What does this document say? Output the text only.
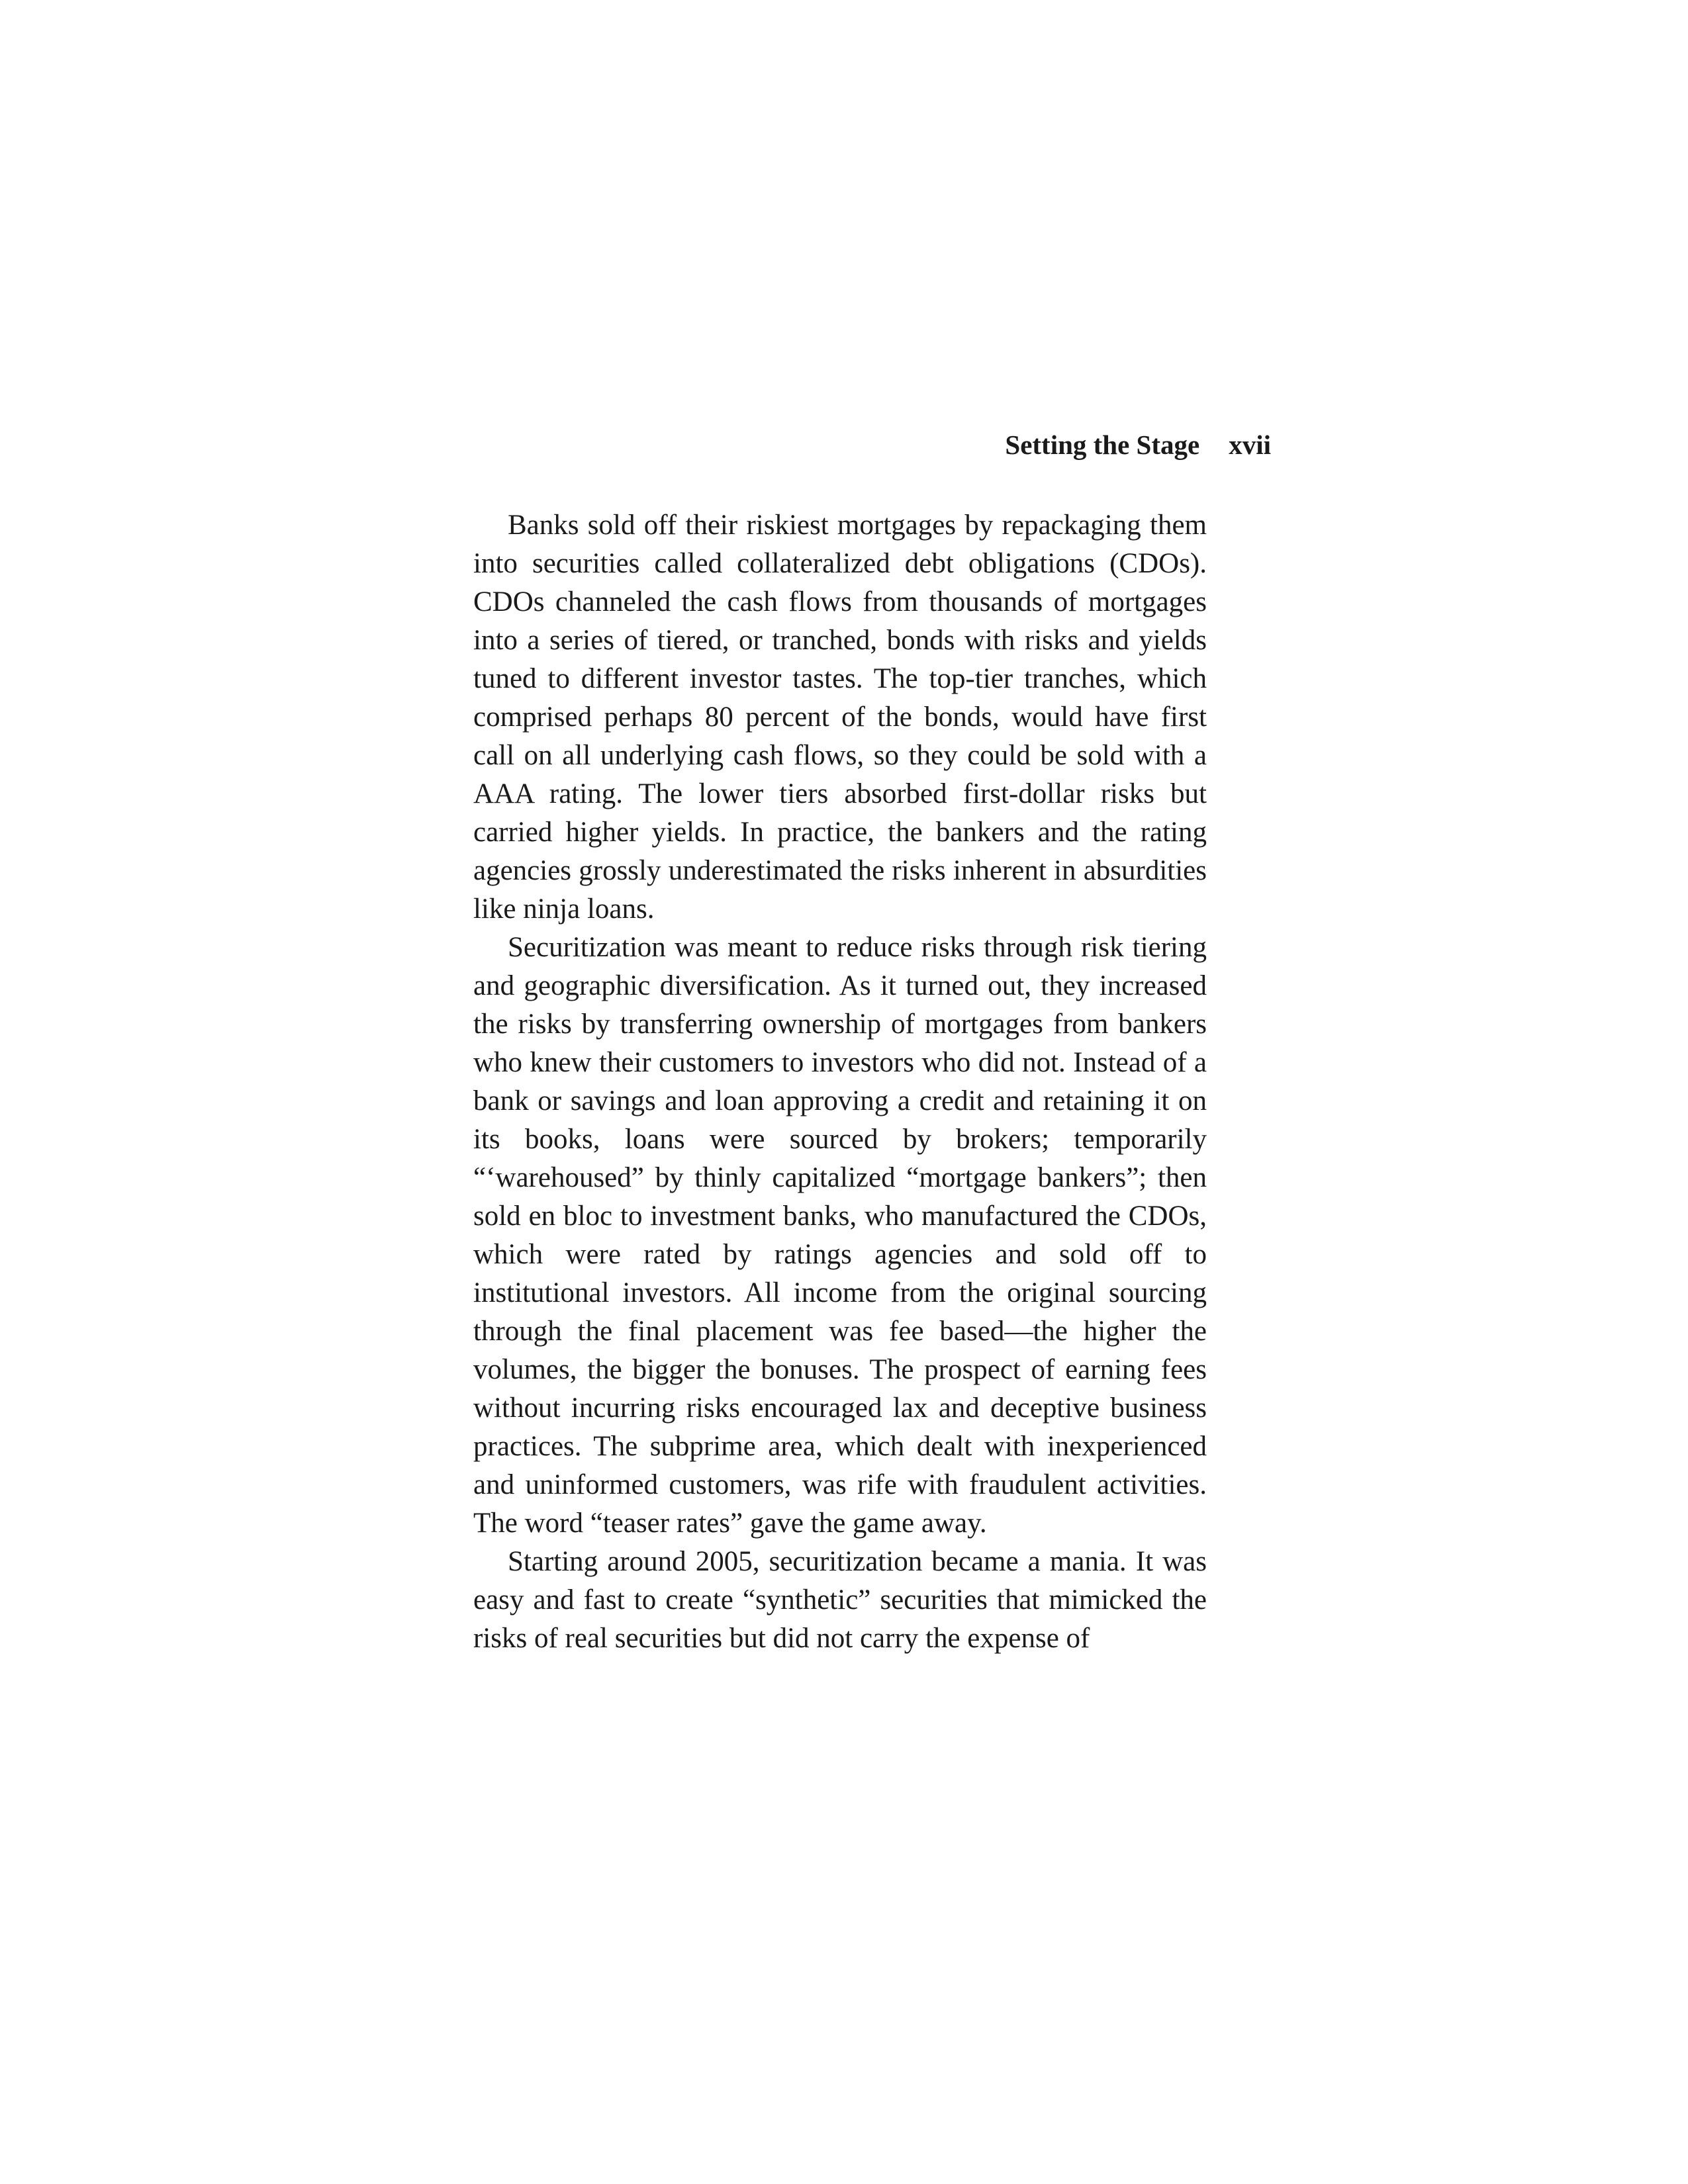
Setting the Stage xvii

Banks sold off their riskiest mortgages by repackaging them into securities called collateralized debt obligations (CDOs). CDOs channeled the cash flows from thousands of mortgages into a series of tiered, or tranched, bonds with risks and yields tuned to different investor tastes. The top-tier tranches, which comprised perhaps 80 percent of the bonds, would have first call on all underlying cash flows, so they could be sold with a AAA rating. The lower tiers absorbed first-dollar risks but carried higher yields. In practice, the bankers and the rating agencies grossly underestimated the risks inherent in absurdities like ninja loans.

Securitization was meant to reduce risks through risk tiering and geographic diversification. As it turned out, they increased the risks by transferring ownership of mortgages from bankers who knew their customers to investors who did not. Instead of a bank or savings and loan approving a credit and retaining it on its books, loans were sourced by brokers; temporarily “‘warehoused” by thinly capitalized “mortgage bankers”; then sold en bloc to investment banks, who manufactured the CDOs, which were rated by ratings agencies and sold off to institutional investors. All income from the original sourcing through the final placement was fee based—the higher the volumes, the bigger the bonuses. The prospect of earning fees without incurring risks encouraged lax and deceptive business practices. The subprime area, which dealt with inexperienced and uninformed customers, was rife with fraudulent activities. The word “teaser rates” gave the game away.

Starting around 2005, securitization became a mania. It was easy and fast to create “synthetic” securities that mimicked the risks of real securities but did not carry the expense of
